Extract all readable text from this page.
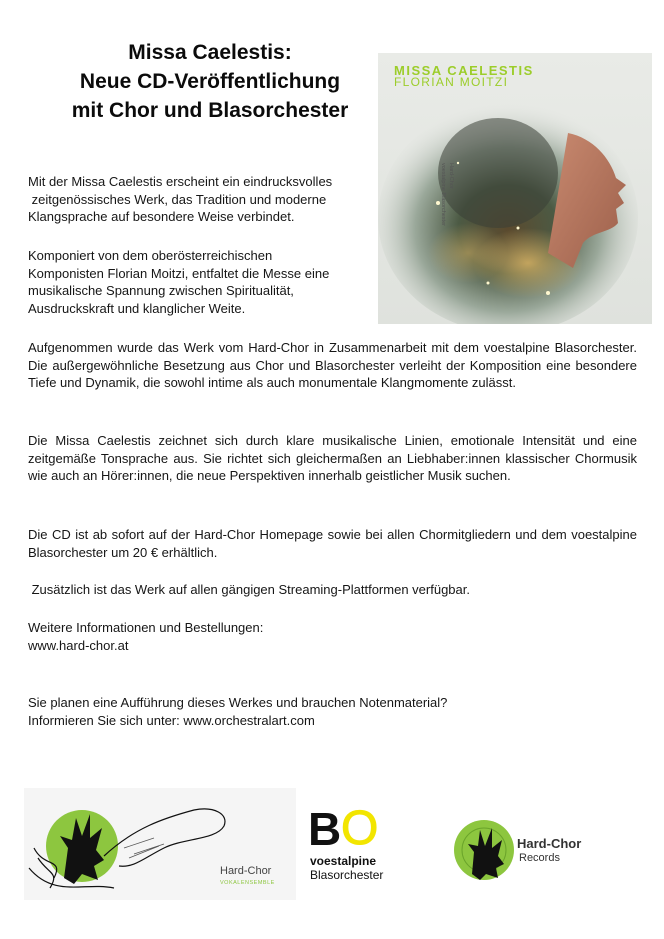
Missa Caelestis:
Neue CD-Veröffentlichung
mit Chor und Blasorchester
MISSA CAELESTIS
FLORIAN MOITZI
Hard-Chor
voestalpine Blasorchester
Mit der Missa Caelestis erscheint ein eindrucksvolles
zeitgenössisches Werk, das Tradition und moderne
Klangsprache auf besondere Weise verbindet.
Komponiert von dem oberösterreichischen
Komponisten Florian Moitzi, entfaltet die Messe eine
musikalische Spannung zwischen Spiritualität,
Ausdruckskraft und klanglicher Weite.
Aufgenommen wurde das Werk vom Hard-Chor in Zusammenarbeit mit dem voestalpine Blasorchester. Die außergewöhnliche Besetzung aus Chor und Blasorchester verleiht der Komposition eine besondere Tiefe und Dynamik, die sowohl intime als auch monumentale Klangmomente zulässt.
Die Missa Caelestis zeichnet sich durch klare musikalische Linien, emotionale Intensität und eine zeitgemäße Tonsprache aus. Sie richtet sich gleichermaßen an Liebhaber:innen klassischer Chormusik wie auch an Hörer:innen, die neue Perspektiven innerhalb geistlicher Musik suchen.
Die CD ist ab sofort auf der Hard-Chor Homepage sowie bei allen Chormitgliedern und dem voestalpine Blasorchester um 20 € erhältlich.
Zusätzlich ist das Werk auf allen gängigen Streaming-Plattformen verfügbar.
Weitere Informationen und Bestellungen:
www.hard-chor.at
Sie planen eine Aufführung dieses Werkes und brauchen Notenmaterial?
Informieren Sie sich unter: www.orchestralart.com
Hard-Chor
VOKALENSEMBLE
B O
voestalpine
Blasorchester
Hard-Chor
Records
